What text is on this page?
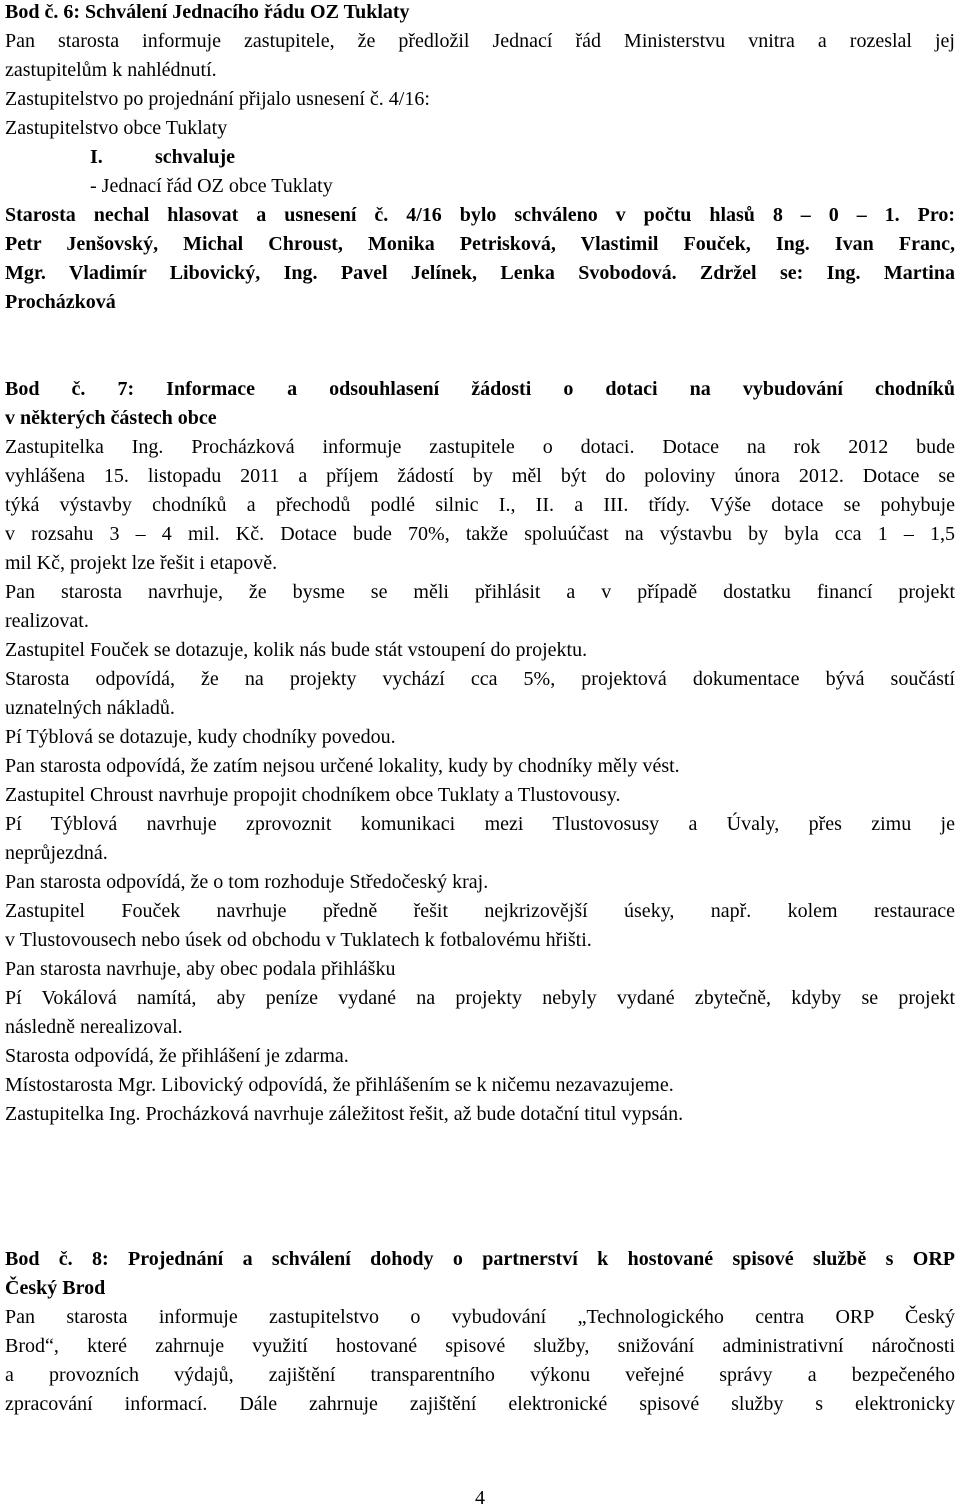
Bod č. 6: Schválení Jednacího řádu OZ Tuklaty
Pan starosta informuje zastupitele, že předložil Jednací řád Ministerstvu vnitra a rozeslal jej
zastupitelům k nahlédnutí.
Zastupitelstvo po projednání přijalo usnesení č. 4/16:
Zastupitelstvo obce Tuklaty
I.	schvaluje
- Jednací řád OZ obce Tuklaty
Starosta nechal hlasovat a usnesení č. 4/16 bylo schváleno v počtu hlasů 8 – 0 – 1. Pro:
Petr Jenšovský, Michal Chroust, Monika Petrisková, Vlastimil Fouček, Ing. Ivan Franc,
Mgr. Vladimír Libovický, Ing. Pavel Jelínek, Lenka Svobodová. Zdržel se: Ing. Martina
Procházková
Bod č. 7: Informace a odsouhlasení žádosti o dotaci na vybudování chodníků
v některých částech obce
Zastupitelka Ing. Procházková informuje zastupitele o dotaci. Dotace na rok 2012 bude
vyhlášena 15. listopadu 2011 a příjem žádostí by měl být do poloviny února 2012. Dotace se
týká výstavby chodníků a přechodů podlé silnic I., II. a III. třídy. Výše dotace se pohybuje
v rozsahu 3 – 4 mil. Kč. Dotace bude 70%, takže spoluúčast na výstavbu by byla cca 1 – 1,5
mil Kč, projekt lze řešit i etapově.
Pan starosta navrhuje, že bysme se měli přihlásit a v případě dostatku financí projekt
realizovat.
Zastupitel Fouček se dotazuje, kolik nás bude stát vstoupení do projektu.
Starosta odpovídá, že na projekty vychází cca 5%, projektová dokumentace bývá součástí
uznatelných nákladů.
Pí Týblová se dotazuje, kudy chodníky povedou.
Pan starosta odpovídá, že zatím nejsou určené lokality, kudy by chodníky měly vést.
Zastupitel Chroust navrhuje propojit chodníkem obce Tuklaty a Tlustovousy.
Pí Týblová navrhuje zprovoznit komunikaci mezi Tlustovosusy a Úvaly, přes zimu je
neprůjezdná.
Pan starosta odpovídá, že o tom rozhoduje Středočeský kraj.
Zastupitel Fouček navrhuje předně řešit nejkrizovější úseky, např. kolem restaurace
v Tlustovousech nebo úsek od obchodu v Tuklatech k fotbalovému hřišti.
Pan starosta navrhuje, aby obec podala přihlášku
Pí Vokálová namítá, aby peníze vydané na projekty nebyly vydané zbytečně, kdyby se projekt
následně nerealizoval.
Starosta odpovídá, že přihlášení je zdarma.
Místostarosta Mgr. Libovický odpovídá, že přihlášením se k ničemu nezavazujeme.
Zastupitelka Ing. Procházková navrhuje záležitost řešit, až bude dotační titul vypsán.
Bod č. 8: Projednání a schválení dohody o partnerství k hostované spisové službě s ORP
Český Brod
Pan starosta informuje zastupitelstvo o vybudování „Technologického centra ORP Český
Brod“, které zahrnuje využití hostované spisové služby, snižování administrativní náročnosti
a provozních výdajů, zajištění transparentního výkonu veřejné správy a bezpečeného
zpracování informací. Dále zahrnuje zajištění elektronické spisové služby s elektronicky
4
